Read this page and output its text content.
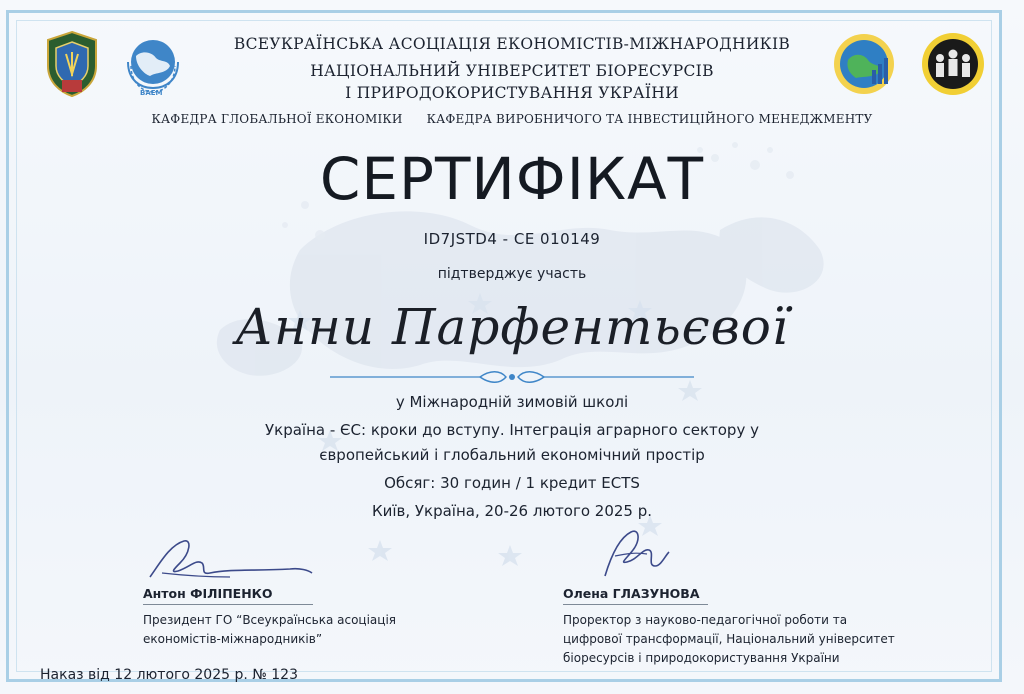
ВАЕМ
ВСЕУКРАЇНСЬКА АСОЦІАЦІЯ ЕКОНОМІСТІВ-МІЖНАРОДНИКІВ
НАЦІОНАЛЬНИЙ УНІВЕРСИТЕТ БІОРЕСУРСІВ
І ПРИРОДОКОРИСТУВАННЯ УКРАЇНИ
КАФЕДРА ГЛОБАЛЬНОЇ ЕКОНОМІКИ КАФЕДРА ВИРОБНИЧОГО ТА ІНВЕСТИЦІЙНОГО МЕНЕДЖМЕНТУ
СЕРТИФІКАТ
ID7JSTD4 - CE 010149
підтверджує участь
Анни Парфентьєвої
у Міжнародній зимовій школі
Україна - ЄС: кроки до вступу. Інтеграція аграрного сектору у
європейський і глобальний економічний простір
Обсяг: 30 годин / 1 кредит ECTS
Київ, Україна, 20-26 лютого 2025 р.
Антон ФІЛІПЕНКО
Президент ГО “Всеукраїнська асоціація
економістів-міжнародників”
Олена ГЛАЗУНОВА
Проректор з науково-педагогічної роботи та
цифрової трансформації, Національний університет
біоресурсів і природокористування України
Наказ від 12 лютого 2025 р. № 123
